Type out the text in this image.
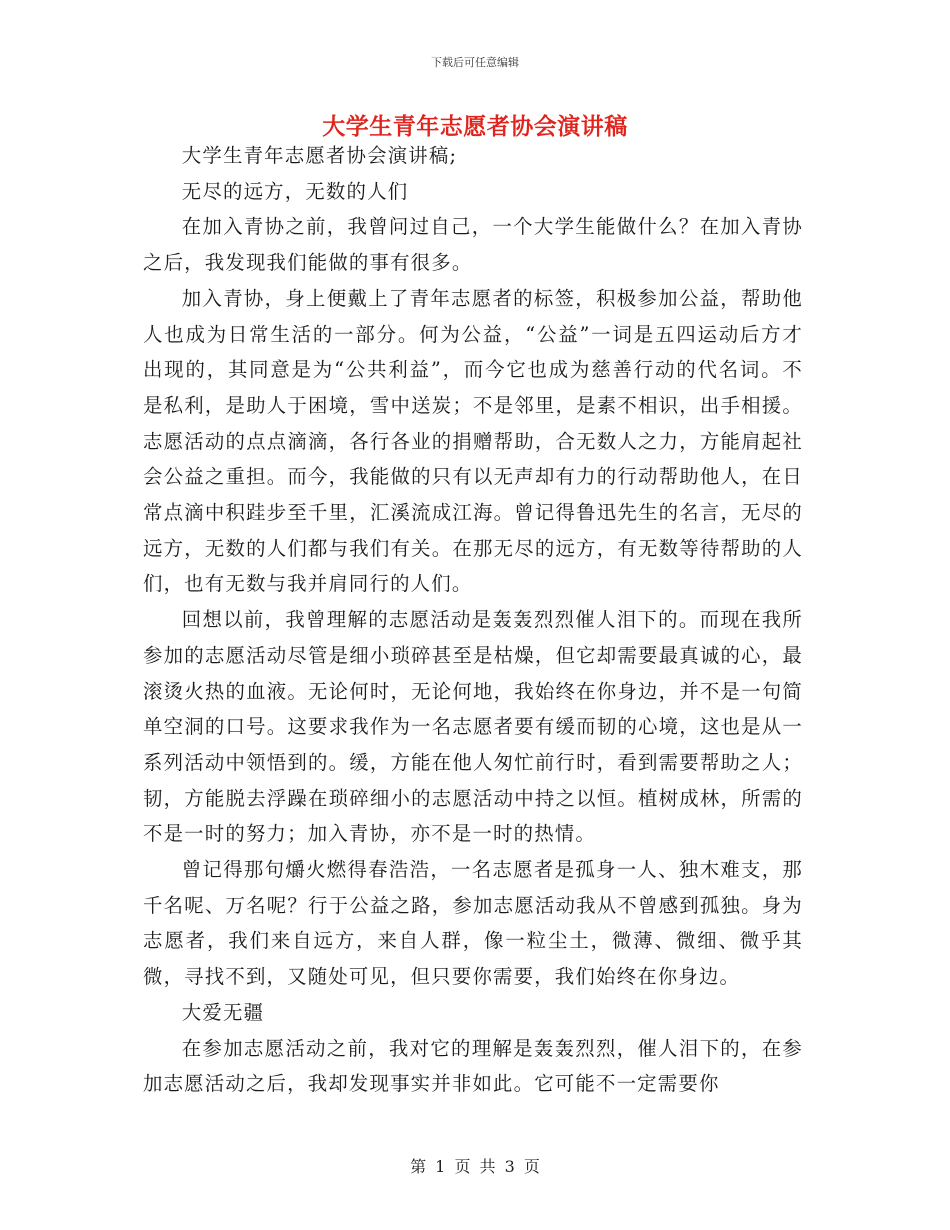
下载后可任意编辑
大学生青年志愿者协会演讲稿

大学生青年志愿者协会演讲稿;

无尽的远方，无数的人们

在加入青协之前，我曾问过自己，一个大学生能做什么？在加入青协之后，我发现我们能做的事有很多。

加入青协，身上便戴上了青年志愿者的标签，积极参加公益，帮助他人也成为日常生活的一部分。何为公益，“公益”一词是五四运动后方才出现的，其同意是为“公共利益”，而今它也成为慈善行动的代名词。不是私利，是助人于困境，雪中送炭；不是邻里，是素不相识，出手相援。志愿活动的点点滴滴，各行各业的捐赠帮助，合无数人之力，方能肩起社会公益之重担。而今，我能做的只有以无声却有力的行动帮助他人，在日常点滴中积跬步至千里，汇溪流成江海。曾记得鲁迅先生的名言，无尽的远方，无数的人们都与我们有关。在那无尽的远方，有无数等待帮助的人们，也有无数与我并肩同行的人们。

回想以前，我曾理解的志愿活动是轰轰烈烈催人泪下的。而现在我所参加的志愿活动尽管是细小琐碎甚至是枯燥，但它却需要最真诚的心，最滚烫火热的血液。无论何时，无论何地，我始终在你身边，并不是一句简单空洞的口号。这要求我作为一名志愿者要有缓而韧的心境，这也是从一系列活动中领悟到的。缓，方能在他人匆忙前行时，看到需要帮助之人；韧，方能脱去浮躁在琐碎细小的志愿活动中持之以恒。植树成林，所需的不是一时的努力；加入青协，亦不是一时的热情。

曾记得那句爝火燃得春浩浩，一名志愿者是孤身一人、独木难支，那千名呢、万名呢？行于公益之路，参加志愿活动我从不曾感到孤独。身为志愿者，我们来自远方，来自人群，像一粒尘土，微薄、微细、微乎其微，寻找不到，又随处可见，但只要你需要，我们始终在你身边。

大爱无疆

在参加志愿活动之前，我对它的理解是轰轰烈烈，催人泪下的，在参加志愿活动之后，我却发现事实并非如此。它可能不一定需要你

第 1 页 共 3 页
